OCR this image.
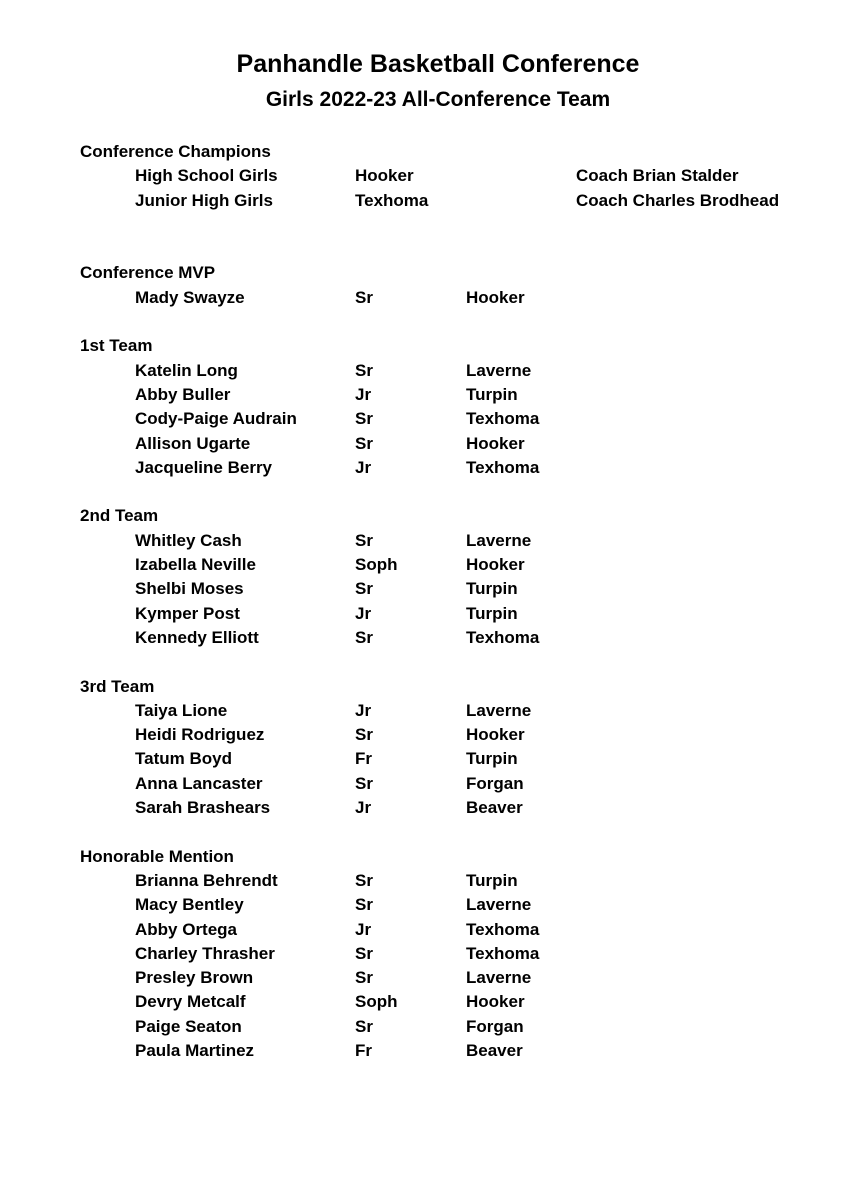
Panhandle Basketball Conference
Girls 2022-23 All-Conference Team
Conference Champions
High School Girls	Hooker	Coach Brian Stalder
Junior High Girls	Texhoma	Coach Charles Brodhead
Conference MVP
Mady Swayze	Sr	Hooker
1st Team
Katelin Long	Sr	Laverne
Abby Buller	Jr	Turpin
Cody-Paige Audrain	Sr	Texhoma
Allison Ugarte	Sr	Hooker
Jacqueline Berry	Jr	Texhoma
2nd Team
Whitley Cash	Sr	Laverne
Izabella Neville	Soph	Hooker
Shelbi Moses	Sr	Turpin
Kymper Post	Jr	Turpin
Kennedy Elliott	Sr	Texhoma
3rd Team
Taiya Lione	Jr	Laverne
Heidi Rodriguez	Sr	Hooker
Tatum Boyd	Fr	Turpin
Anna Lancaster	Sr	Forgan
Sarah Brashears	Jr	Beaver
Honorable Mention
Brianna Behrendt	Sr	Turpin
Macy Bentley	Sr	Laverne
Abby Ortega	Jr	Texhoma
Charley Thrasher	Sr	Texhoma
Presley Brown	Sr	Laverne
Devry Metcalf	Soph	Hooker
Paige Seaton	Sr	Forgan
Paula Martinez	Fr	Beaver
